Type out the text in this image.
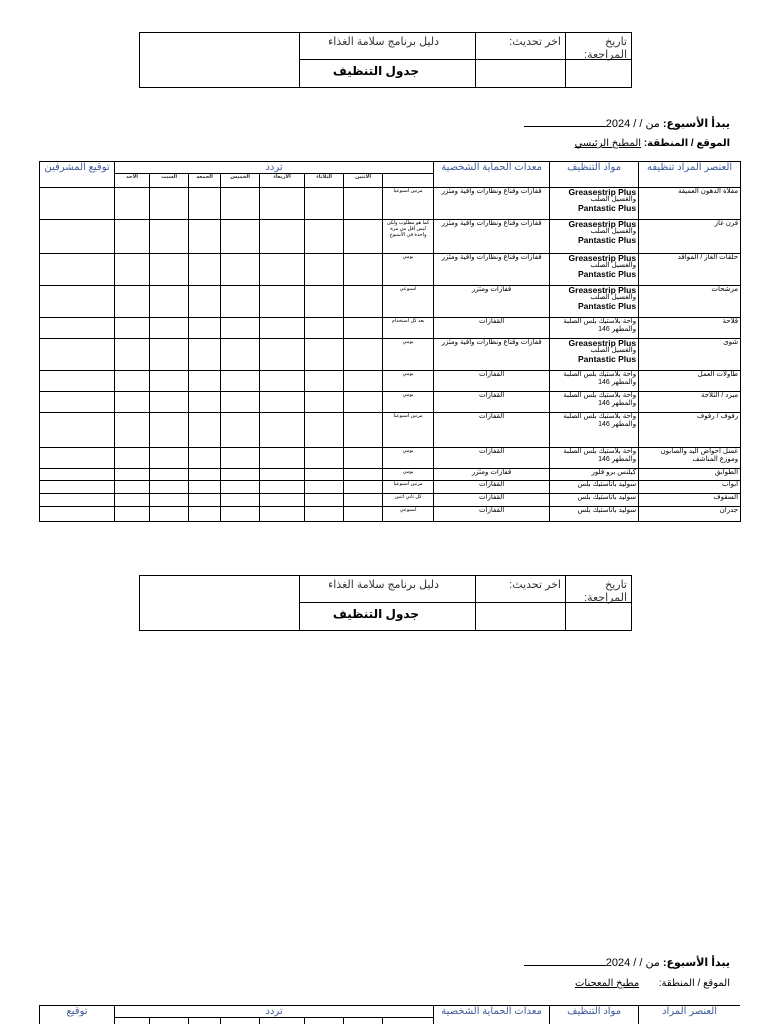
دليل برنامج سلامة الغذاء
جدول التنظيف
اخر تحديث:	تاريخ المراجعة:
يبدأ الأسبوع: من / / 2024
الموقع / المنطقة: المطبخ الرئيسي
العنصر المراد تنظيفه	مواد التنظيف	معدات الحماية الشخصية	تردد								توقيع المشرفين
				الاثنين	الثلاثاء	الأربعاء	الخميس	الجمعه	السبت	الأحد	
مقلاة الدهون العميقة	Greasestrip Plus
والغسيل الصلب
Pantastic Plus	قفازات وقناع ونظارات واقية ومئزر	مرتين اسبوعيا								
فرن غاز	Greasestrip Plus
والغسيل الصلب
Pantastic Plus	قفازات وقناع ونظارات واقية ومئزر	كما هو مطلوب ولكن ليس أقل من مرة واحدة في الأسبوع								
حلقات الغاز / المواقد	Greasestrip Plus
والغسيل الصلب
Pantastic Plus	قفازات وقناع ونظارات واقية ومئزر	يومي								
مرشحات	Greasestrip Plus
والغسيل الصلب
Pantastic Plus	قفازات ومئزر	أسبوعي								
قلاحة	واحة بلاستيك بلس الصلبة والمطهر 146	القفازات	بعد كل استخدام								
شوى	Greasestrip Plus
والغسيل الصلب
Pantastic Plus	قفازات وقناع ونظارات واقية ومئزر	يومي								
طاولات العمل	واحة بلاستيك بلس الصلبة والمطهر 146	القفازات	يومي								
مبرد / الثلاجة	واحة بلاستيك بلس الصلبة والمطهر 146	القفازات	يومي								
رفوف / رفوف	واحة بلاستيك بلس الصلبة والمطهر 146	القفازات	مرتين اسبوعيا								
غسل أحواض اليد والصابون وموزع المناشف	واحة بلاستيك بلس الصلبة والمطهر 146	القفازات	يومي								
الطوابق	كيلنس برو فلور	قفازات ومئزر	يومي								
ابواب	سوليد باتاستيك بلس	القفازات	مرتين اسبوعيا								
السقوف	سوليد باتاستيك بلس	القفازات	كل ثاني اثنين								
جدران	سوليد باتاستيك بلس	القفازات	أسبوعي								
دليل برنامج سلامة الغذاء
جدول التنظيف
اخر تحديث:	تاريخ المراجعة:
يبدأ الأسبوع: من / / 2024
الموقع / المنطقة:  مطبخ المعجنات
العنصر المراد	مواد التنظيف	معدات الحماية الشخصية	تردد								توقيع
